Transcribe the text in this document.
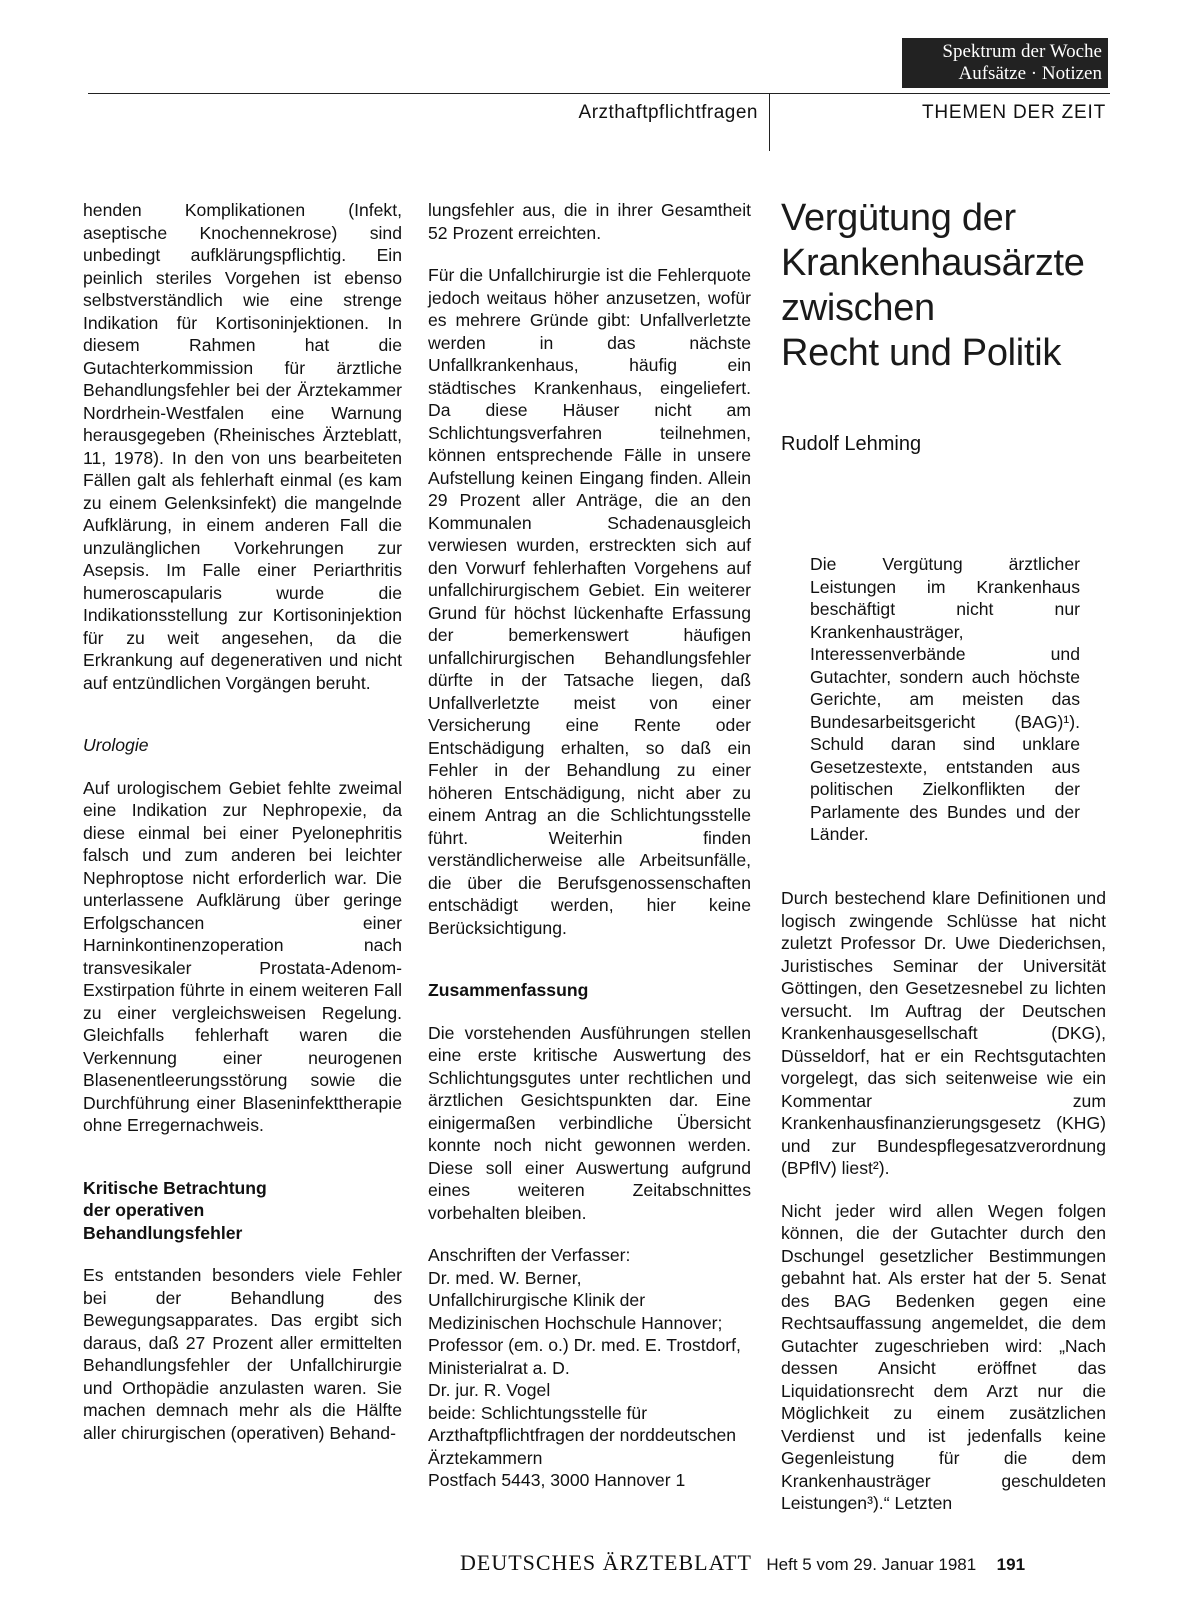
Spektrum der Woche
Aufsätze · Notizen
Arzthaftpflichtfragen	THEMEN DER ZEIT

henden Komplikationen (Infekt, aseptische Knochennekrose) sind unbedingt aufklärungspflichtig. Ein peinlich steriles Vorgehen ist ebenso selbstverständlich wie eine strenge Indikation für Kortisoninjektionen. In diesem Rahmen hat die Gutachterkommission für ärztliche Behandlungsfehler bei der Ärztekammer Nordrhein-Westfalen eine Warnung herausgegeben (Rheinisches Ärzteblatt, 11, 1978). In den von uns bearbeiteten Fällen galt als fehlerhaft einmal (es kam zu einem Gelenksinfekt) die mangelnde Aufklärung, in einem anderen Fall die unzulänglichen Vorkehrungen zur Asepsis. Im Falle einer Periarthritis humeroscapularis wurde die Indikationsstellung zur Kortisoninjektion für zu weit angesehen, da die Erkrankung auf degenerativen und nicht auf entzündlichen Vorgängen beruht.

Urologie

Auf urologischem Gebiet fehlte zweimal eine Indikation zur Nephropexie, da diese einmal bei einer Pyelonephritis falsch und zum anderen bei leichter Nephroptose nicht erforderlich war. Die unterlassene Aufklärung über geringe Erfolgschancen einer Harninkontinenzoperation nach transvesikaler Prostata-Adenom-Exstirpation führte in einem weiteren Fall zu einer vergleichsweisen Regelung. Gleichfalls fehlerhaft waren die Verkennung einer neurogenen Blasenentleerungsstörung sowie die Durchführung einer Blaseninfekttherapie ohne Erregernachweis.

Kritische Betrachtung

der operativen

Behandlungsfehler

Es entstanden besonders viele Fehler bei der Behandlung des Bewegungsapparates. Das ergibt sich daraus, daß 27 Prozent aller ermittelten Behandlungsfehler der Unfallchirurgie und Orthopädie anzulasten waren. Sie machen demnach mehr als die Hälfte aller chirurgischen (operativen) Behand-

lungsfehler aus, die in ihrer Gesamtheit 52 Prozent erreichten.

Für die Unfallchirurgie ist die Fehlerquote jedoch weitaus höher anzusetzen, wofür es mehrere Gründe gibt: Unfallverletzte werden in das nächste Unfallkrankenhaus, häufig ein städtisches Krankenhaus, eingeliefert. Da diese Häuser nicht am Schlichtungsverfahren teilnehmen, können entsprechende Fälle in unsere Aufstellung keinen Eingang finden. Allein 29 Prozent aller Anträge, die an den Kommunalen Schadenausgleich verwiesen wurden, erstreckten sich auf den Vorwurf fehlerhaften Vorgehens auf unfallchirurgischem Gebiet. Ein weiterer Grund für höchst lückenhafte Erfassung der bemerkenswert häufigen unfallchirurgischen Behandlungsfehler dürfte in der Tatsache liegen, daß Unfallverletzte meist von einer Versicherung eine Rente oder Entschädigung erhalten, so daß ein Fehler in der Behandlung zu einer höheren Entschädigung, nicht aber zu einem Antrag an die Schlichtungsstelle führt. Weiterhin finden verständlicherweise alle Arbeitsunfälle, die über die Berufsgenossenschaften entschädigt werden, hier keine Berücksichtigung.

Zusammenfassung

Die vorstehenden Ausführungen stellen eine erste kritische Auswertung des Schlichtungsgutes unter rechtlichen und ärztlichen Gesichtspunkten dar. Eine einigermaßen verbindliche Übersicht konnte noch nicht gewonnen werden. Diese soll einer Auswertung aufgrund eines weiteren Zeitabschnittes vorbehalten bleiben.

Anschriften der Verfasser:

Dr. med. W. Berner,

Unfallchirurgische Klinik der Medizinischen Hochschule Hannover;

Professor (em. o.) Dr. med. E. Trostdorf, Ministerialrat a. D.

Dr. jur. R. Vogel

beide: Schlichtungsstelle für Arzthaftpflichtfragen der norddeutschen Ärztekammern

Postfach 5443, 3000 Hannover 1

Vergütung der
Krankenhausärzte
zwischen
Recht und Politik
Rudolf Lehming
Die Vergütung ärztlicher Leistungen im Krankenhaus beschäftigt nicht nur Krankenhausträger, Interessenverbände und Gutachter, sondern auch höchste Gerichte, am meisten das Bundesarbeitsgericht (BAG)¹). Schuld daran sind unklare Gesetzestexte, entstanden aus politischen Zielkonflikten der Parlamente des Bundes und der Länder.

Durch bestechend klare Definitionen und logisch zwingende Schlüsse hat nicht zuletzt Professor Dr. Uwe Diederichsen, Juristisches Seminar der Universität Göttingen, den Gesetzesnebel zu lichten versucht. Im Auftrag der Deutschen Krankenhausgesellschaft (DKG), Düsseldorf, hat er ein Rechtsgutachten vorgelegt, das sich seitenweise wie ein Kommentar zum Krankenhausfinanzierungsgesetz (KHG) und zur Bundespflegesatzverordnung (BPflV) liest²).

Nicht jeder wird allen Wegen folgen können, die der Gutachter durch den Dschungel gesetzlicher Bestimmungen gebahnt hat. Als erster hat der 5. Senat des BAG Bedenken gegen eine Rechtsauffassung angemeldet, die dem Gutachter zugeschrieben wird: „Nach dessen Ansicht eröffnet das Liquidationsrecht dem Arzt nur die Möglichkeit zu einem zusätzlichen Verdienst und ist jedenfalls keine Gegenleistung für die dem Krankenhausträger geschuldeten Leistungen³).“ Letzten

DEUTSCHES ÄRZTEBLATT Heft 5 vom 29. Januar 1981 191
